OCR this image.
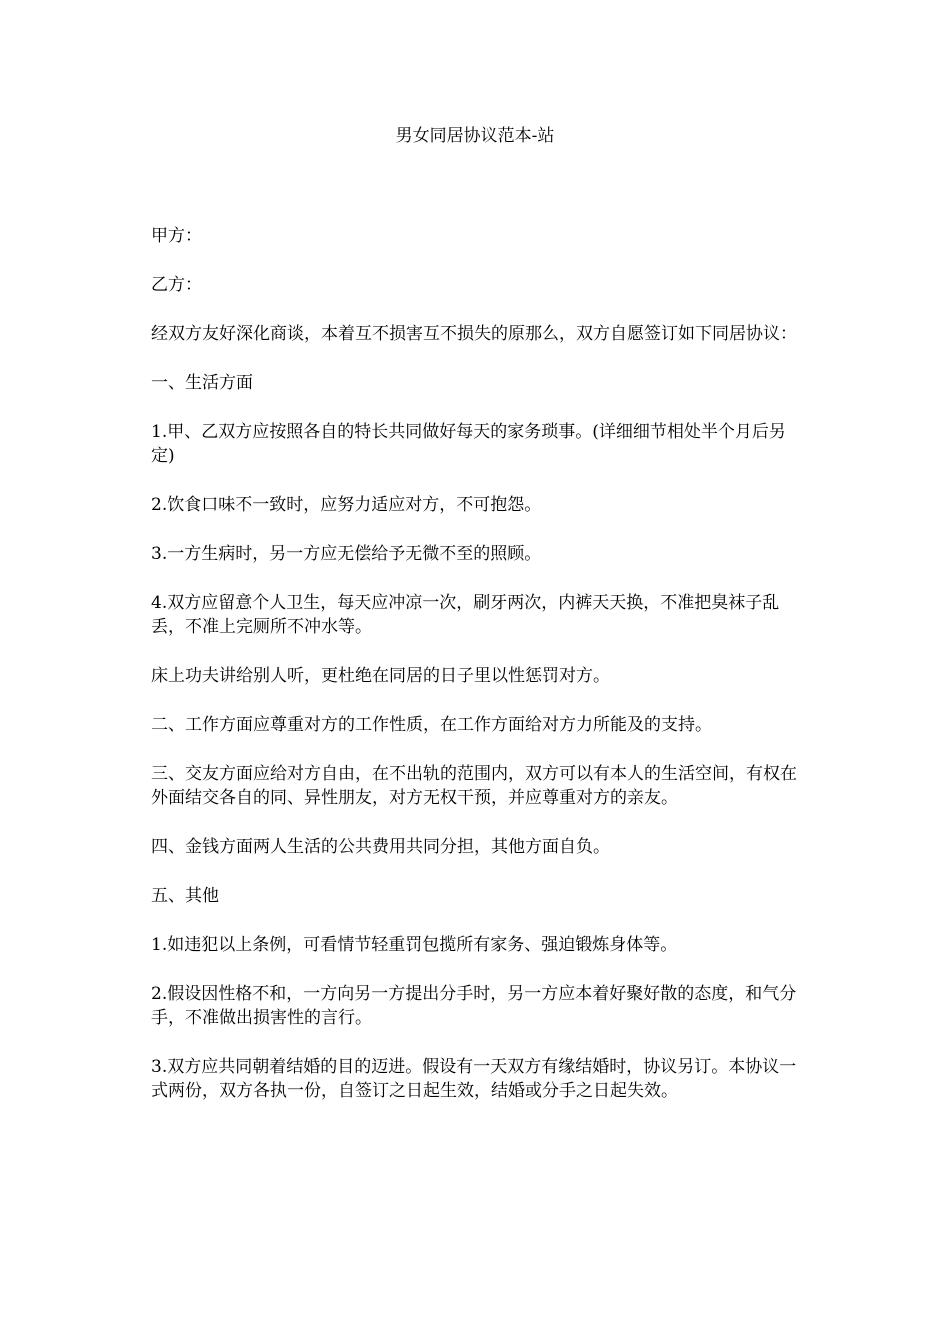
男女同居协议范本-站

甲方：

乙方：

经双方友好深化商谈，本着互不损害互不损失的原那么，双方自愿签订如下同居协议：

一、生活方面

1.甲、乙双方应按照各自的特长共同做好每天的家务琐事。(详细细节相处半个月后另定)

2.饮食口味不一致时，应努力适应对方，不可抱怨。

3.一方生病时，另一方应无偿给予无微不至的照顾。

4.双方应留意个人卫生，每天应冲凉一次，刷牙两次，内裤天天换，不准把臭袜子乱丢，不准上完厕所不冲水等。

床上功夫讲给别人听，更杜绝在同居的日子里以性惩罚对方。

二、工作方面应尊重对方的工作性质，在工作方面给对方力所能及的支持。

三、交友方面应给对方自由，在不出轨的范围内，双方可以有本人的生活空间，有权在外面结交各自的同、异性朋友，对方无权干预，并应尊重对方的亲友。

四、金钱方面两人生活的公共费用共同分担，其他方面自负。

五、其他

1.如违犯以上条例，可看情节轻重罚包揽所有家务、强迫锻炼身体等。

2.假设因性格不和，一方向另一方提出分手时，另一方应本着好聚好散的态度，和气分手，不准做出损害性的言行。

3.双方应共同朝着结婚的目的迈进。假设有一天双方有缘结婚时，协议另订。本协议一式两份，双方各执一份，自签订之日起生效，结婚或分手之日起失效。
